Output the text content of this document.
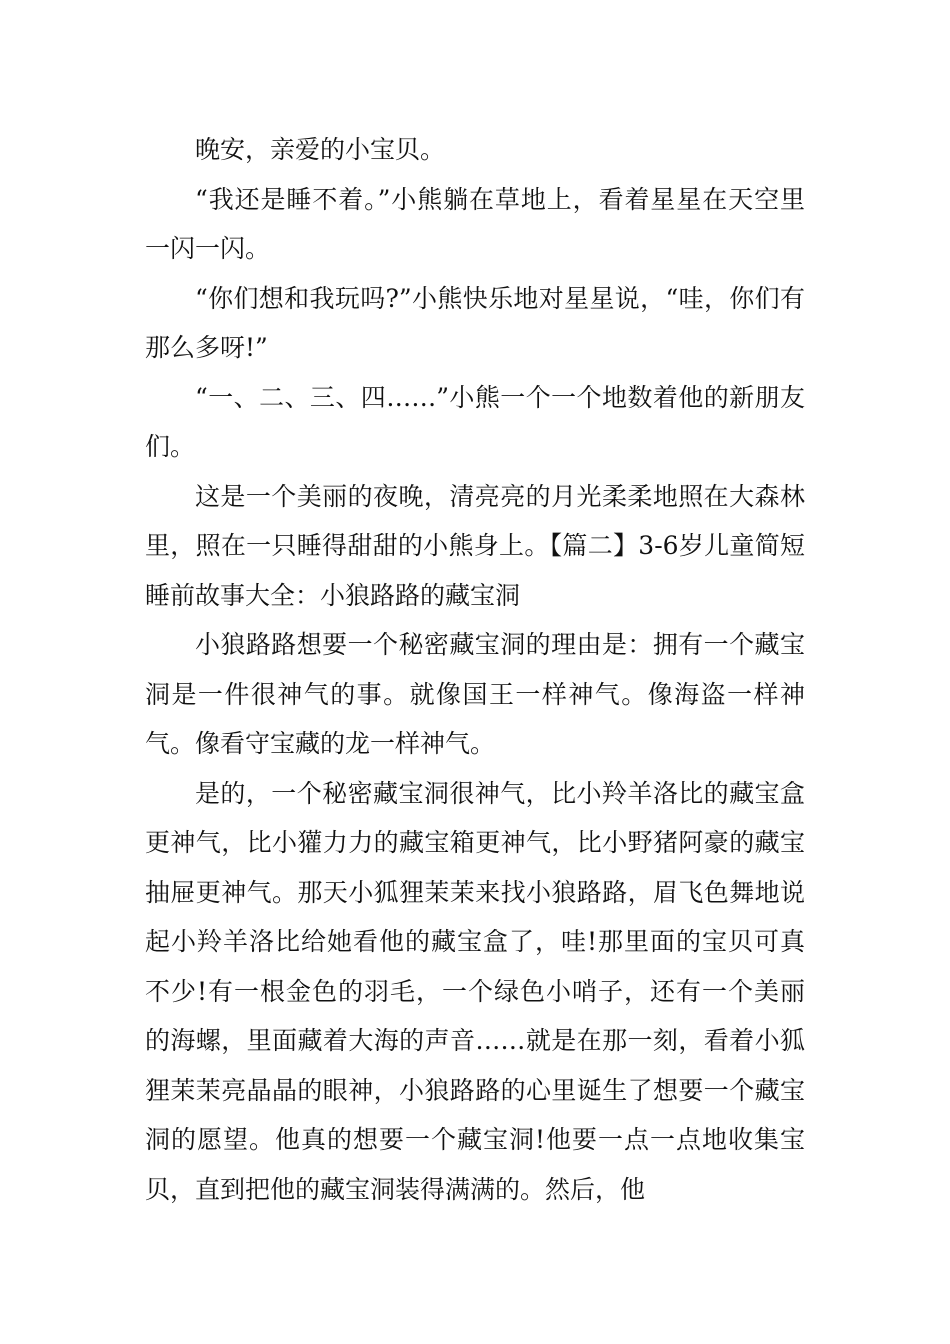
晚安，亲爱的小宝贝。

“我还是睡不着。”小熊躺在草地上，看着星星在天空里一闪一闪。

“你们想和我玩吗?”小熊快乐地对星星说，“哇，你们有那么多呀!”

“一、二、三、四……”小熊一个一个地数着他的新朋友们。

这是一个美丽的夜晚，清亮亮的月光柔柔地照在大森林里，照在一只睡得甜甜的小熊身上。【篇二】3-6岁儿童简短睡前故事大全：小狼路路的藏宝洞

小狼路路想要一个秘密藏宝洞的理由是：拥有一个藏宝洞是一件很神气的事。就像国王一样神气。像海盗一样神气。像看守宝藏的龙一样神气。

是的，一个秘密藏宝洞很神气，比小羚羊洛比的藏宝盒更神气，比小獾力力的藏宝箱更神气，比小野猪阿豪的藏宝抽屉更神气。那天小狐狸茉茉来找小狼路路，眉飞色舞地说起小羚羊洛比给她看他的藏宝盒了，哇!那里面的宝贝可真不少!有一根金色的羽毛，一个绿色小哨子，还有一个美丽的海螺，里面藏着大海的声音……就是在那一刻，看着小狐狸茉茉亮晶晶的眼神，小狼路路的心里诞生了想要一个藏宝洞的愿望。他真的想要一个藏宝洞!他要一点一点地收集宝贝，直到把他的藏宝洞装得满满的。然后，他
